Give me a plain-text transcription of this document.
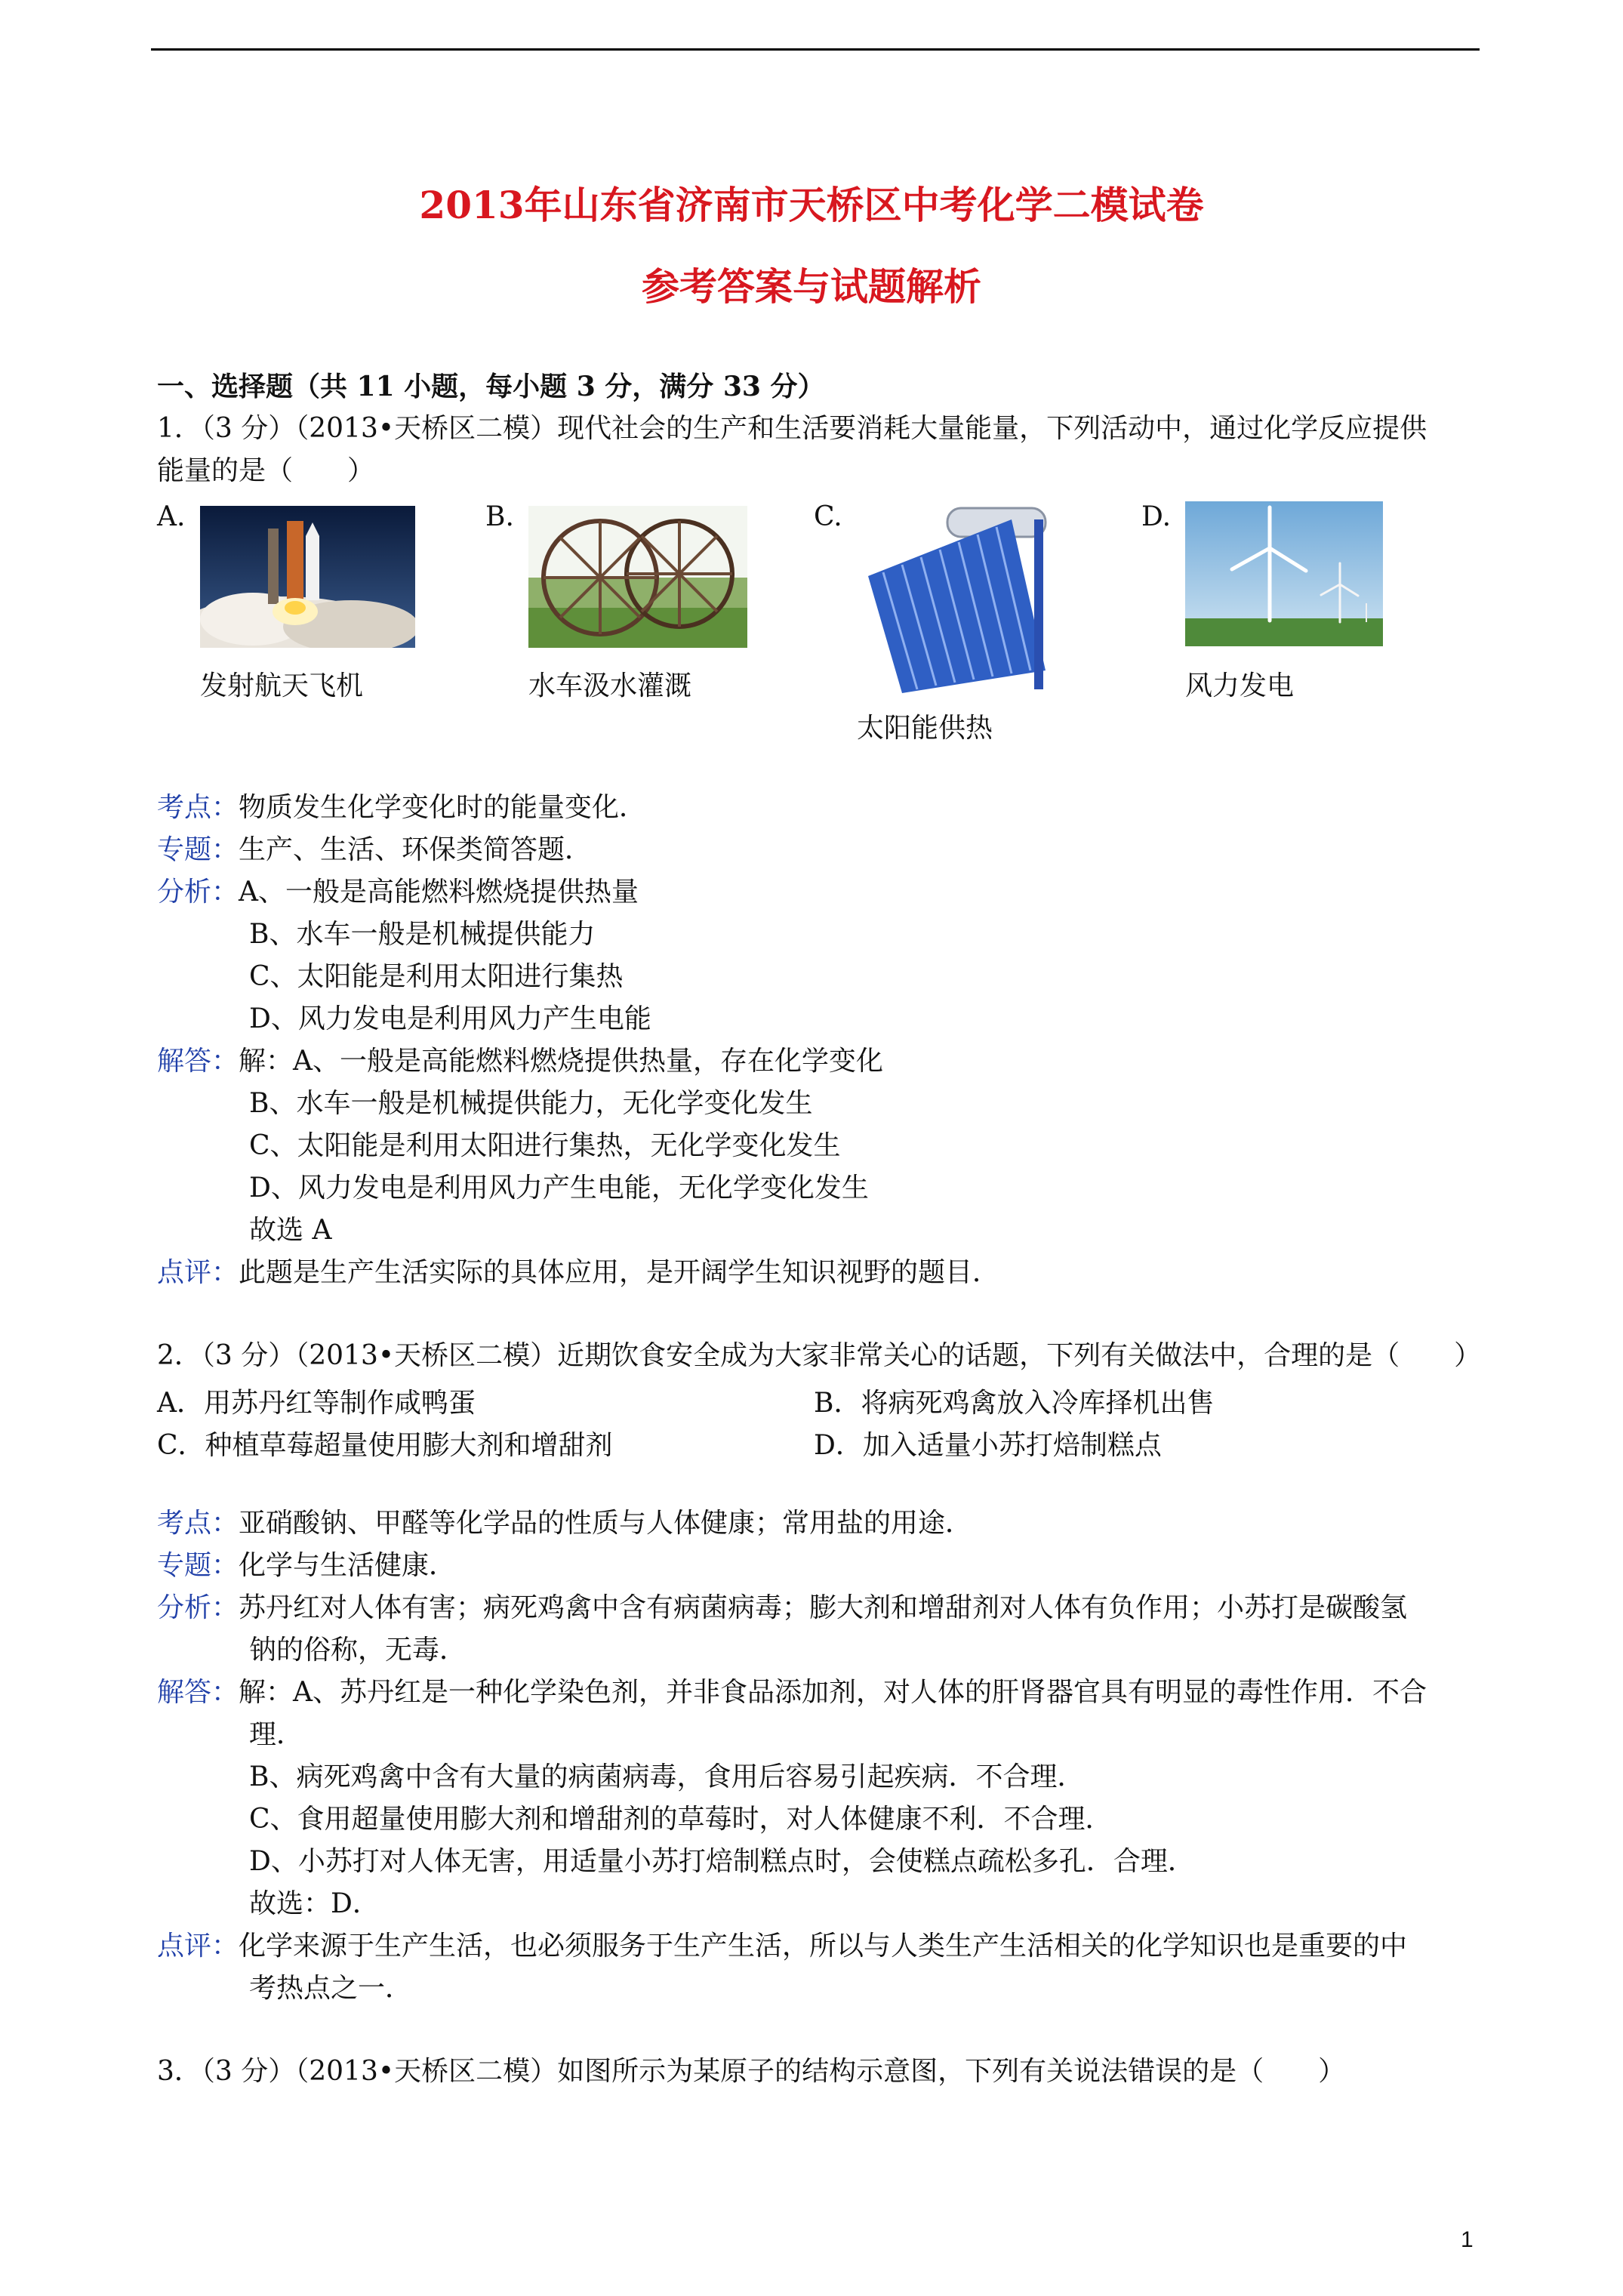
2013年山东省济南市天桥区中考化学二模试卷
参考答案与试题解析
一、选择题（共 11 小题，每小题 3 分，满分 33 分）
1．（3 分）（2013•天桥区二模）现代社会的生产和生活要消耗大量能量，下列活动中，通过化学反应提供
能量的是（　　）
A.
发射航天飞机
B.
水车汲水灌溉
C.
太阳能供热
D.
风力发电
考点：物质发生化学变化时的能量变化．
专题：生产、生活、环保类简答题．
分析：A、一般是高能燃料燃烧提供热量
B、水车一般是机械提供能力
C、太阳能是利用太阳进行集热
D、风力发电是利用风力产生电能
解答：解：A、一般是高能燃料燃烧提供热量，存在化学变化
B、水车一般是机械提供能力，无化学变化发生
C、太阳能是利用太阳进行集热，无化学变化发生
D、风力发电是利用风力产生电能，无化学变化发生
故选 A
点评：此题是生产生活实际的具体应用，是开阔学生知识视野的题目．
2．（3 分）（2013•天桥区二模）近期饮食安全成为大家非常关心的话题，下列有关做法中，合理的是（　　）
A．用苏丹红等制作咸鸭蛋	B．将病死鸡禽放入冷库择机出售
C．种植草莓超量使用膨大剂和增甜剂	D．加入适量小苏打焙制糕点
考点：亚硝酸钠、甲醛等化学品的性质与人体健康；常用盐的用途．
专题：化学与生活健康．
分析：苏丹红对人体有害；病死鸡禽中含有病菌病毒；膨大剂和增甜剂对人体有负作用；小苏打是碳酸氢
钠的俗称，无毒．
解答：解：A、苏丹红是一种化学染色剂，并非食品添加剂，对人体的肝肾器官具有明显的毒性作用．不合
理．
B、病死鸡禽中含有大量的病菌病毒，食用后容易引起疾病．不合理．
C、食用超量使用膨大剂和增甜剂的草莓时，对人体健康不利．不合理．
D、小苏打对人体无害，用适量小苏打焙制糕点时，会使糕点疏松多孔．合理．
故选：D．
点评：化学来源于生产生活，也必须服务于生产生活，所以与人类生产生活相关的化学知识也是重要的中
考热点之一．
3．（3 分）（2013•天桥区二模）如图所示为某原子的结构示意图，下列有关说法错误的是（　　）
1
